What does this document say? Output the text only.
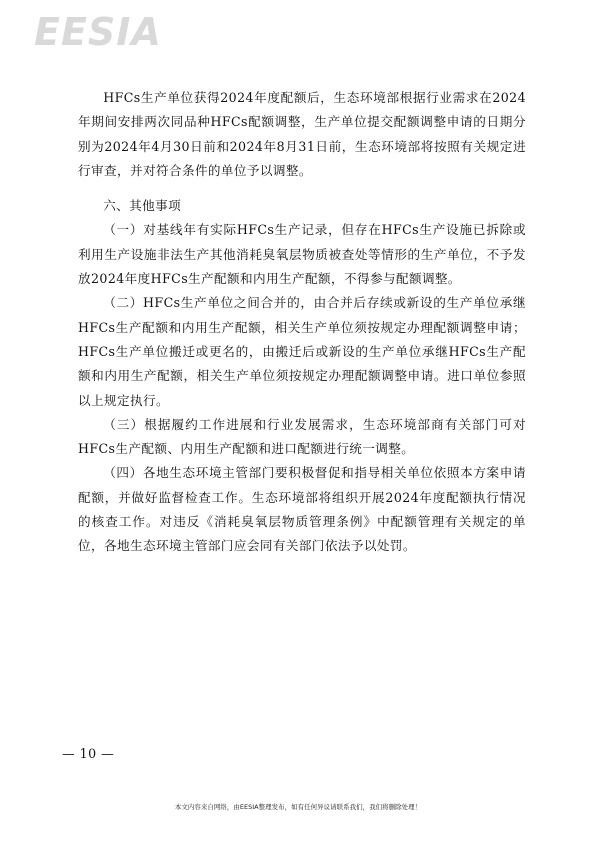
EESIA

HFCs生产单位获得2024年度配额后，生态环境部根据行业需求在2024年期间安排两次同品种HFCs配额调整，生产单位提交配额调整申请的日期分别为2024年4月30日前和2024年8月31日前，生态环境部将按照有关规定进行审查，并对符合条件的单位予以调整。

六、其他事项

（一）对基线年有实际HFCs生产记录，但存在HFCs生产设施已拆除或利用生产设施非法生产其他消耗臭氧层物质被查处等情形的生产单位，不予发放2024年度HFCs生产配额和内用生产配额，不得参与配额调整。

（二）HFCs生产单位之间合并的，由合并后存续或新设的生产单位承继HFCs生产配额和内用生产配额，相关生产单位须按规定办理配额调整申请；HFCs生产单位搬迁或更名的，由搬迁后或新设的生产单位承继HFCs生产配额和内用生产配额，相关生产单位须按规定办理配额调整申请。进口单位参照以上规定执行。

（三）根据履约工作进展和行业发展需求，生态环境部商有关部门可对HFCs生产配额、内用生产配额和进口配额进行统一调整。

（四）各地生态环境主管部门要积极督促和指导相关单位依照本方案申请配额，并做好监督检查工作。生态环境部将组织开展2024年度配额执行情况的核查工作。对违反《消耗臭氧层物质管理条例》中配额管理有关规定的单位，各地生态环境主管部门应会同有关部门依法予以处罚。

— 10 —
本文内容来自网络，由EESIA整理发布，如有任何异议请联系我们，我们将删除处理！
